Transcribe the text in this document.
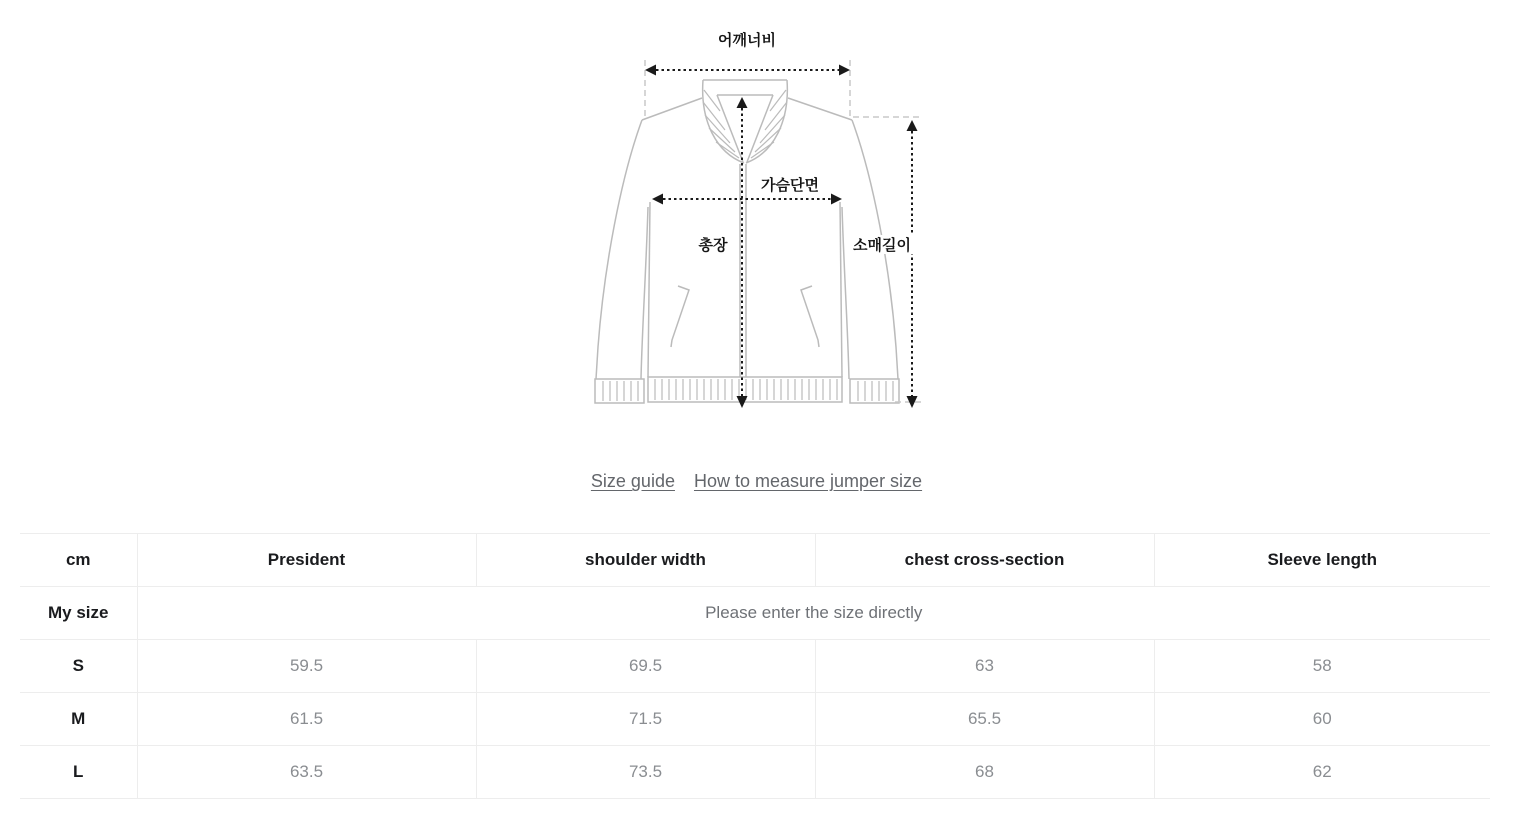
어깨너비
가슴단면
총장	소매길이
Size guide How to measure jumper size
cm	President	shoulder width	chest cross-section	Sleeve length
My size	Please enter the size directly			
S	59.5	69.5	63	58
M	61.5	71.5	65.5	60
L	63.5	73.5	68	62
